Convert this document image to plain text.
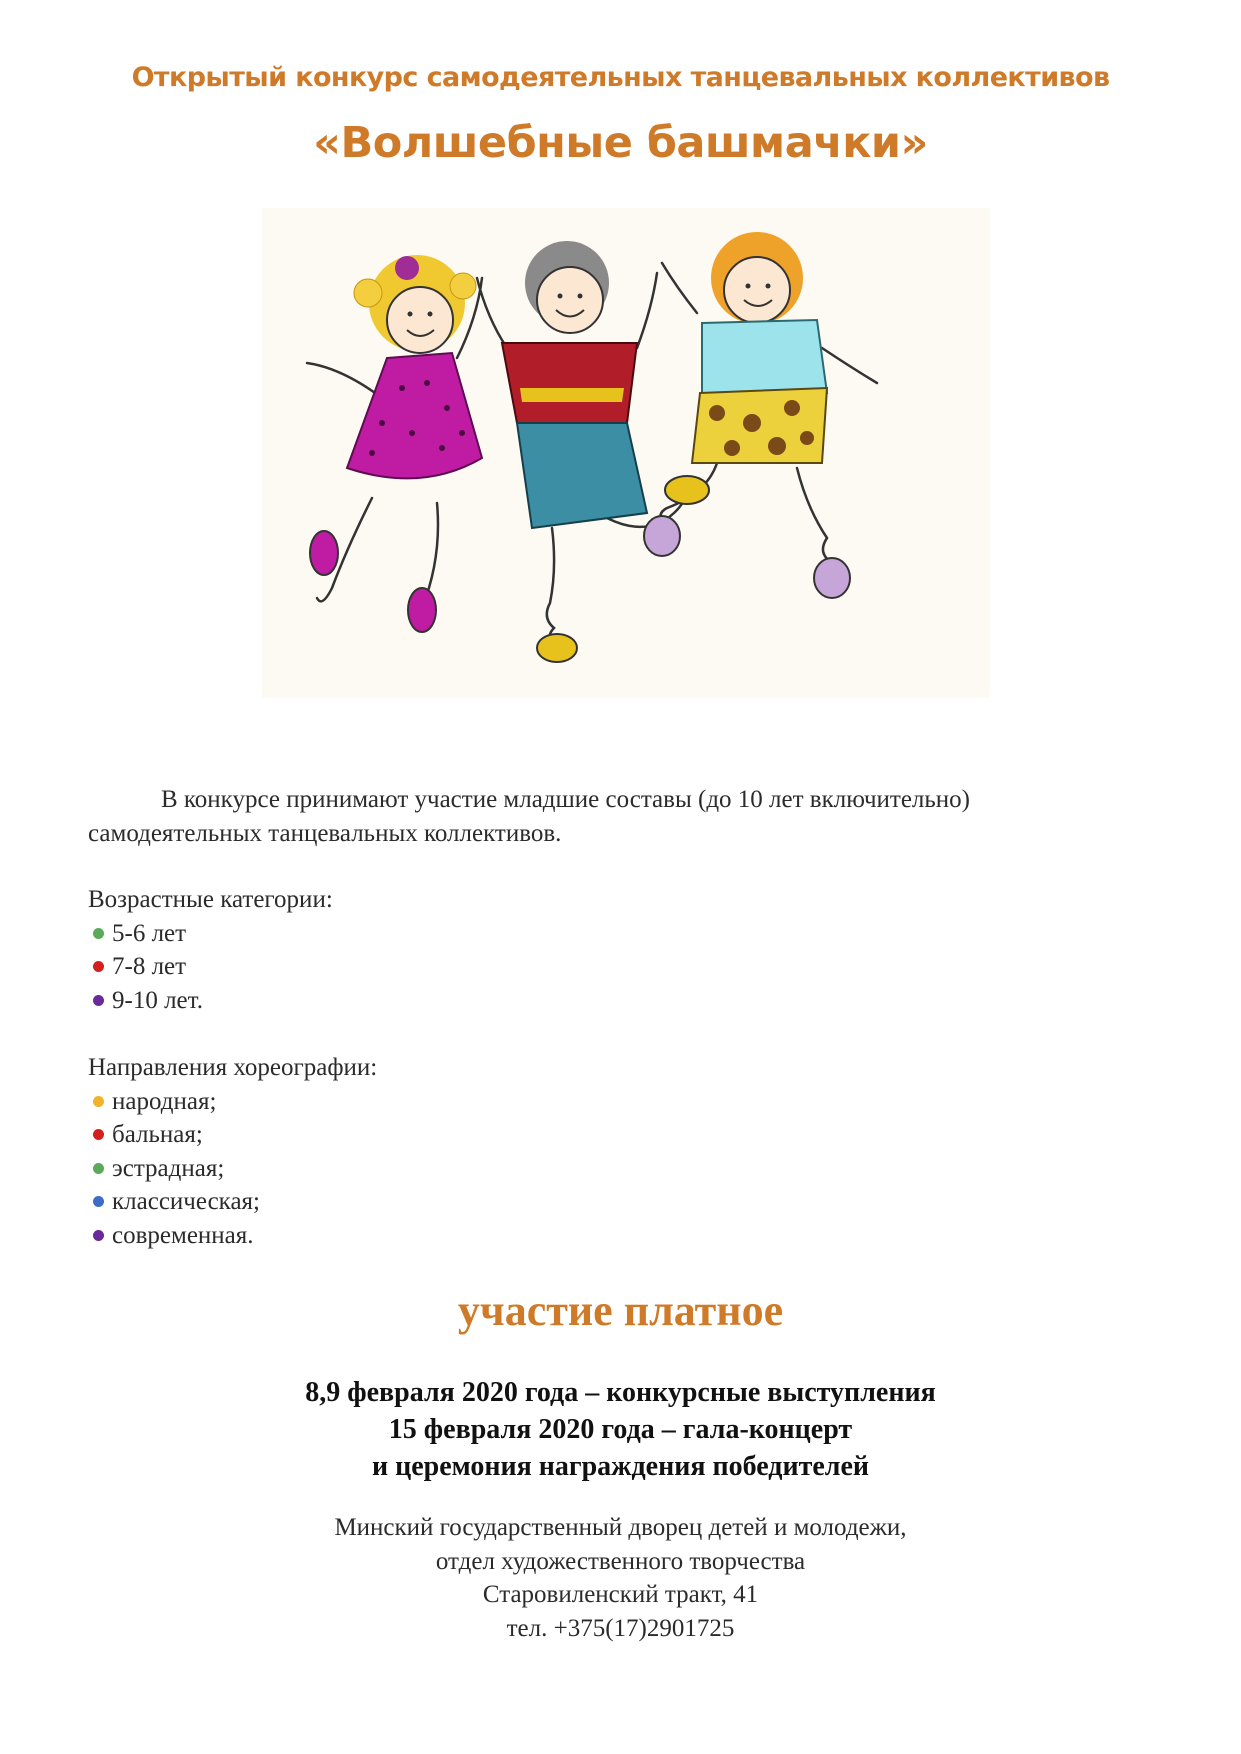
Открытый конкурс самодеятельных танцевальных коллективов
«Волшебные башмачки»
В конкурсе принимают участие младшие составы (до 10 лет включительно)
самодеятельных танцевальных коллективов.
Возрастные категории:
5-6 лет
7-8 лет
9-10 лет.
Направления хореографии:
народная;
бальная;
эстрадная;
классическая;
современная.
участие платное
8,9 февраля 2020 года – конкурсные выступления
15 февраля 2020 года – гала-концерт
и церемония награждения победителей
Минский государственный дворец детей и молодежи,
отдел художественного творчества
Старовиленский тракт, 41
тел. +375(17)2901725
